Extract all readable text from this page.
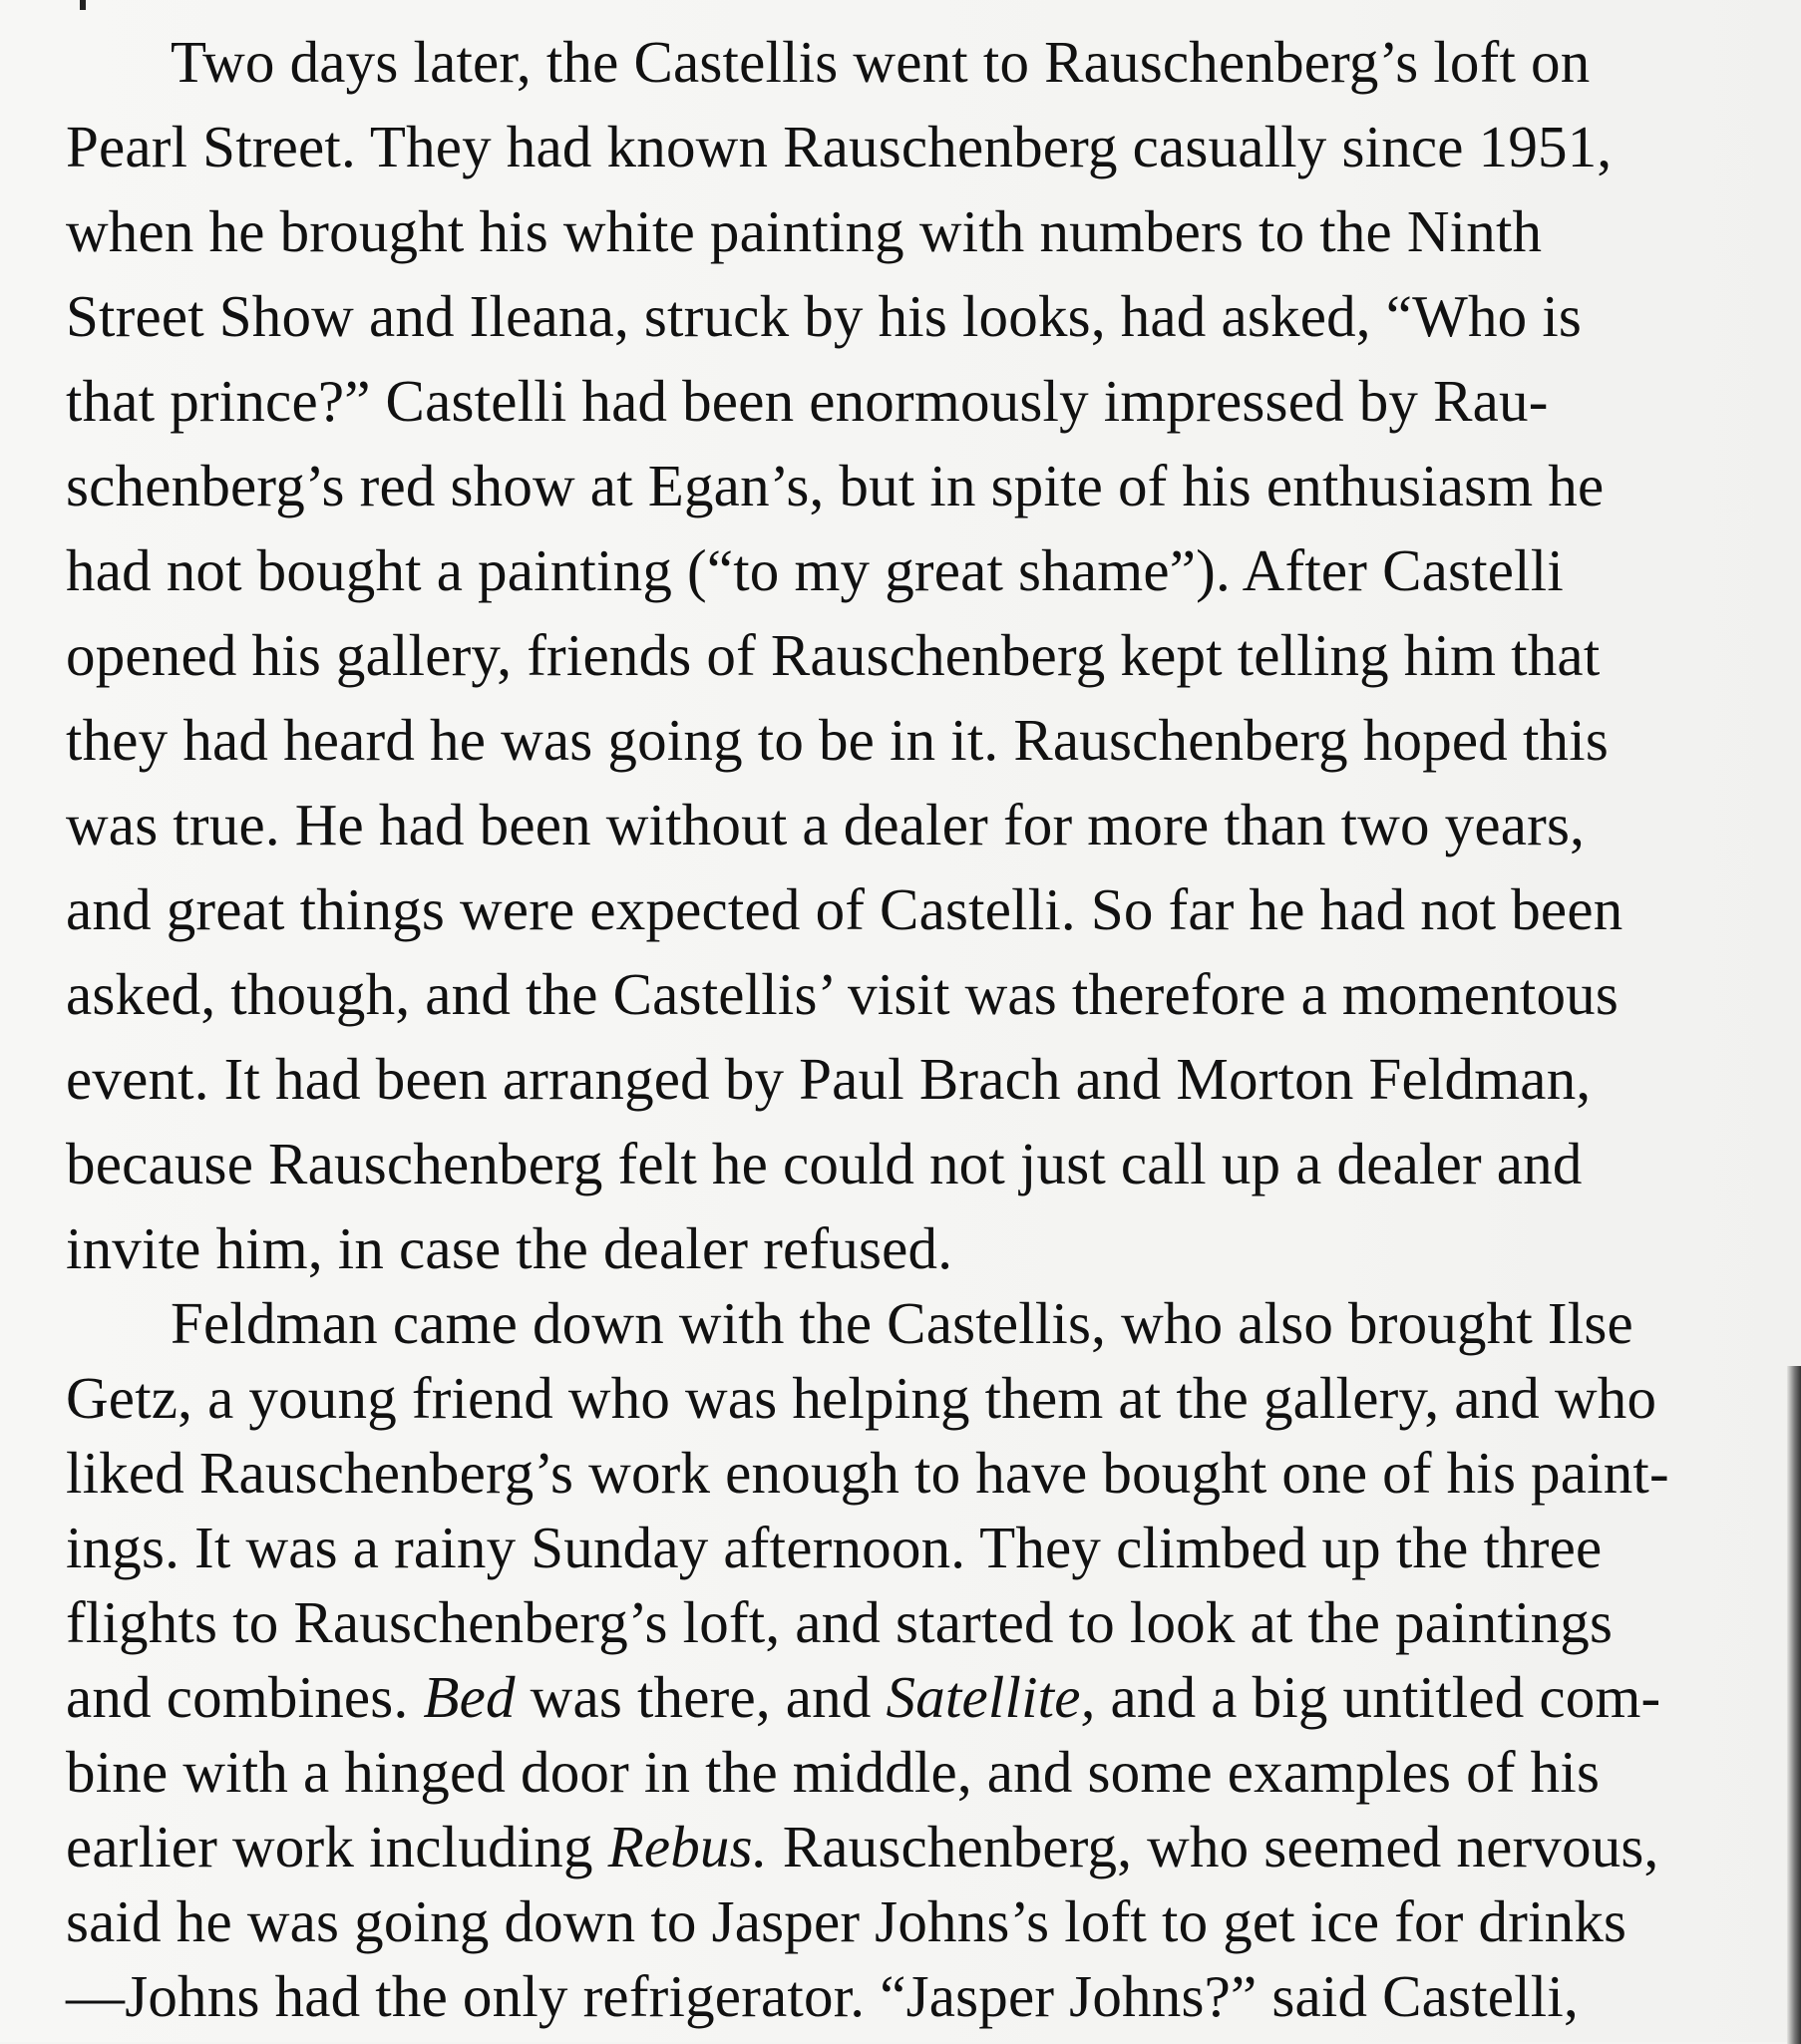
Two days later, the Castellis went to Rauschenberg’s loft on
Pearl Street. They had known Rauschenberg casually since 1951,
when he brought his white painting with numbers to the Ninth
Street Show and Ileana, struck by his looks, had asked, “Who is
that prince?” Castelli had been enormously impressed by Rau-
schenberg’s red show at Egan’s, but in spite of his enthusiasm he
had not bought a painting (“to my great shame”). After Castelli
opened his gallery, friends of Rauschenberg kept telling him that
they had heard he was going to be in it. Rauschenberg hoped this
was true. He had been without a dealer for more than two years,
and great things were expected of Castelli. So far he had not been
asked, though, and the Castellis’ visit was therefore a momentous
event. It had been arranged by Paul Brach and Morton Feldman,
because Rauschenberg felt he could not just call up a dealer and
invite him, in case the dealer refused.
Feldman came down with the Castellis, who also brought Ilse
Getz, a young friend who was helping them at the gallery, and who
liked Rauschenberg’s work enough to have bought one of his paint-
ings. It was a rainy Sunday afternoon. They climbed up the three
flights to Rauschenberg’s loft, and started to look at the paintings
and combines. Bed was there, and Satellite, and a big untitled com-
bine with a hinged door in the middle, and some examples of his
earlier work including Rebus. Rauschenberg, who seemed nervous,
said he was going down to Jasper Johns’s loft to get ice for drinks
—Johns had the only refrigerator. “Jasper Johns?” said Castelli,
